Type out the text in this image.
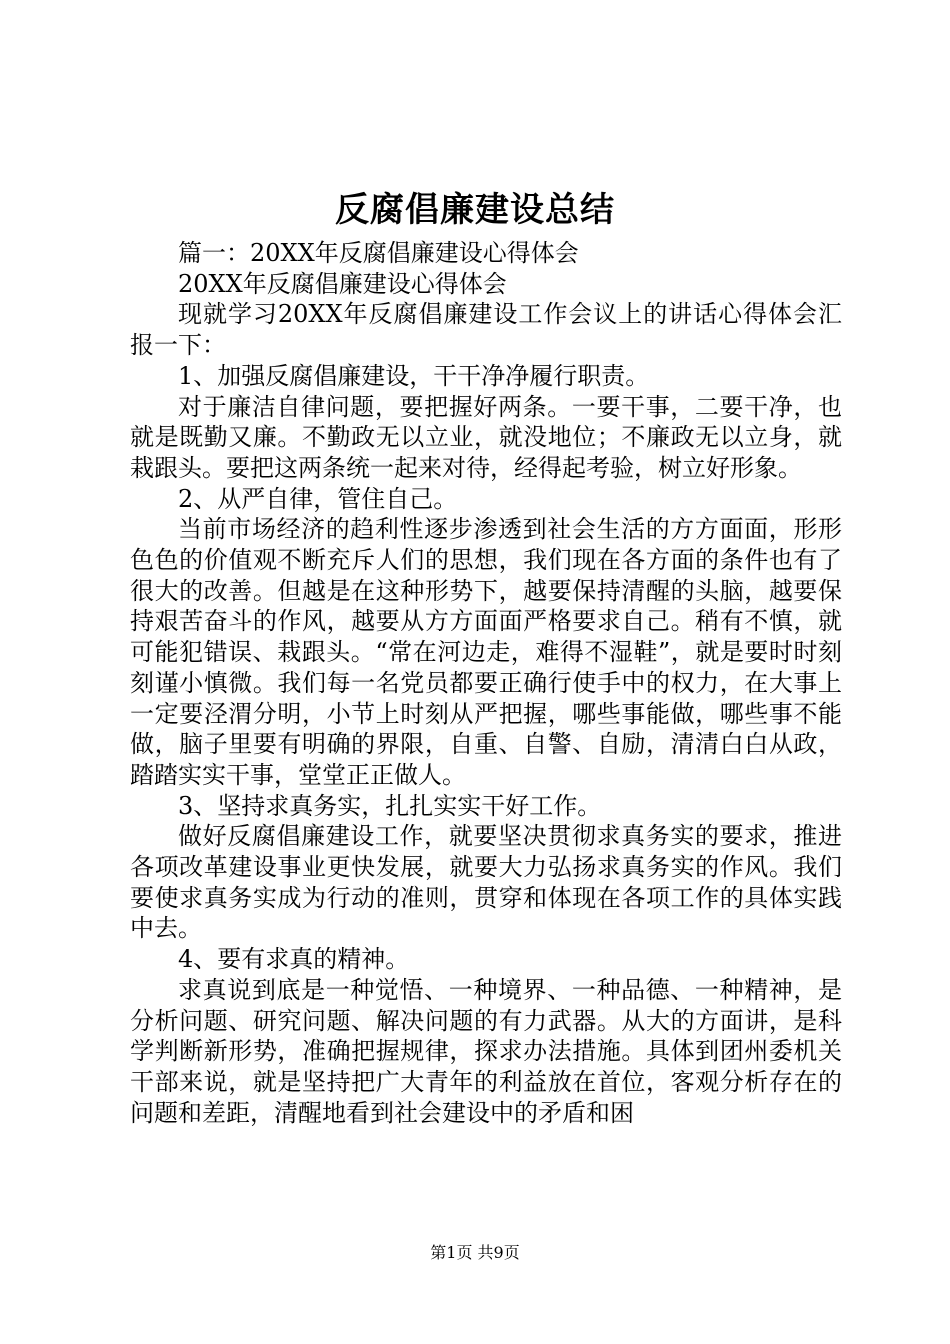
反腐倡廉建设总结

篇一：20XX年反腐倡廉建设心得体会

20XX年反腐倡廉建设心得体会

现就学习20XX年反腐倡廉建设工作会议上的讲话心得体会汇报一下：

1、加强反腐倡廉建设，干干净净履行职责。

对于廉洁自律问题，要把握好两条。一要干事，二要干净，也就是既勤又廉。不勤政无以立业，就没地位；不廉政无以立身，就栽跟头。要把这两条统一起来对待，经得起考验，树立好形象。

2、从严自律，管住自己。

当前市场经济的趋利性逐步渗透到社会生活的方方面面，形形色色的价值观不断充斥人们的思想，我们现在各方面的条件也有了很大的改善。但越是在这种形势下，越要保持清醒的头脑，越要保持艰苦奋斗的作风，越要从方方面面严格要求自己。稍有不慎，就可能犯错误、栽跟头。“常在河边走，难得不湿鞋”，就是要时时刻刻谨小慎微。我们每一名党员都要正确行使手中的权力，在大事上一定要泾渭分明，小节上时刻从严把握，哪些事能做，哪些事不能做，脑子里要有明确的界限，自重、自警、自励，清清白白从政，踏踏实实干事，堂堂正正做人。

3、坚持求真务实，扎扎实实干好工作。

做好反腐倡廉建设工作，就要坚决贯彻求真务实的要求，推进各项改革建设事业更快发展，就要大力弘扬求真务实的作风。我们要使求真务实成为行动的准则，贯穿和体现在各项工作的具体实践中去。

4、要有求真的精神。

求真说到底是一种觉悟、一种境界、一种品德、一种精神，是分析问题、研究问题、解决问题的有力武器。从大的方面讲，是科学判断新形势，准确把握规律，探求办法措施。具体到团州委机关干部来说，就是坚持把广大青年的利益放在首位，客观分析存在的问题和差距，清醒地看到社会建设中的矛盾和困

第1页 共9页
